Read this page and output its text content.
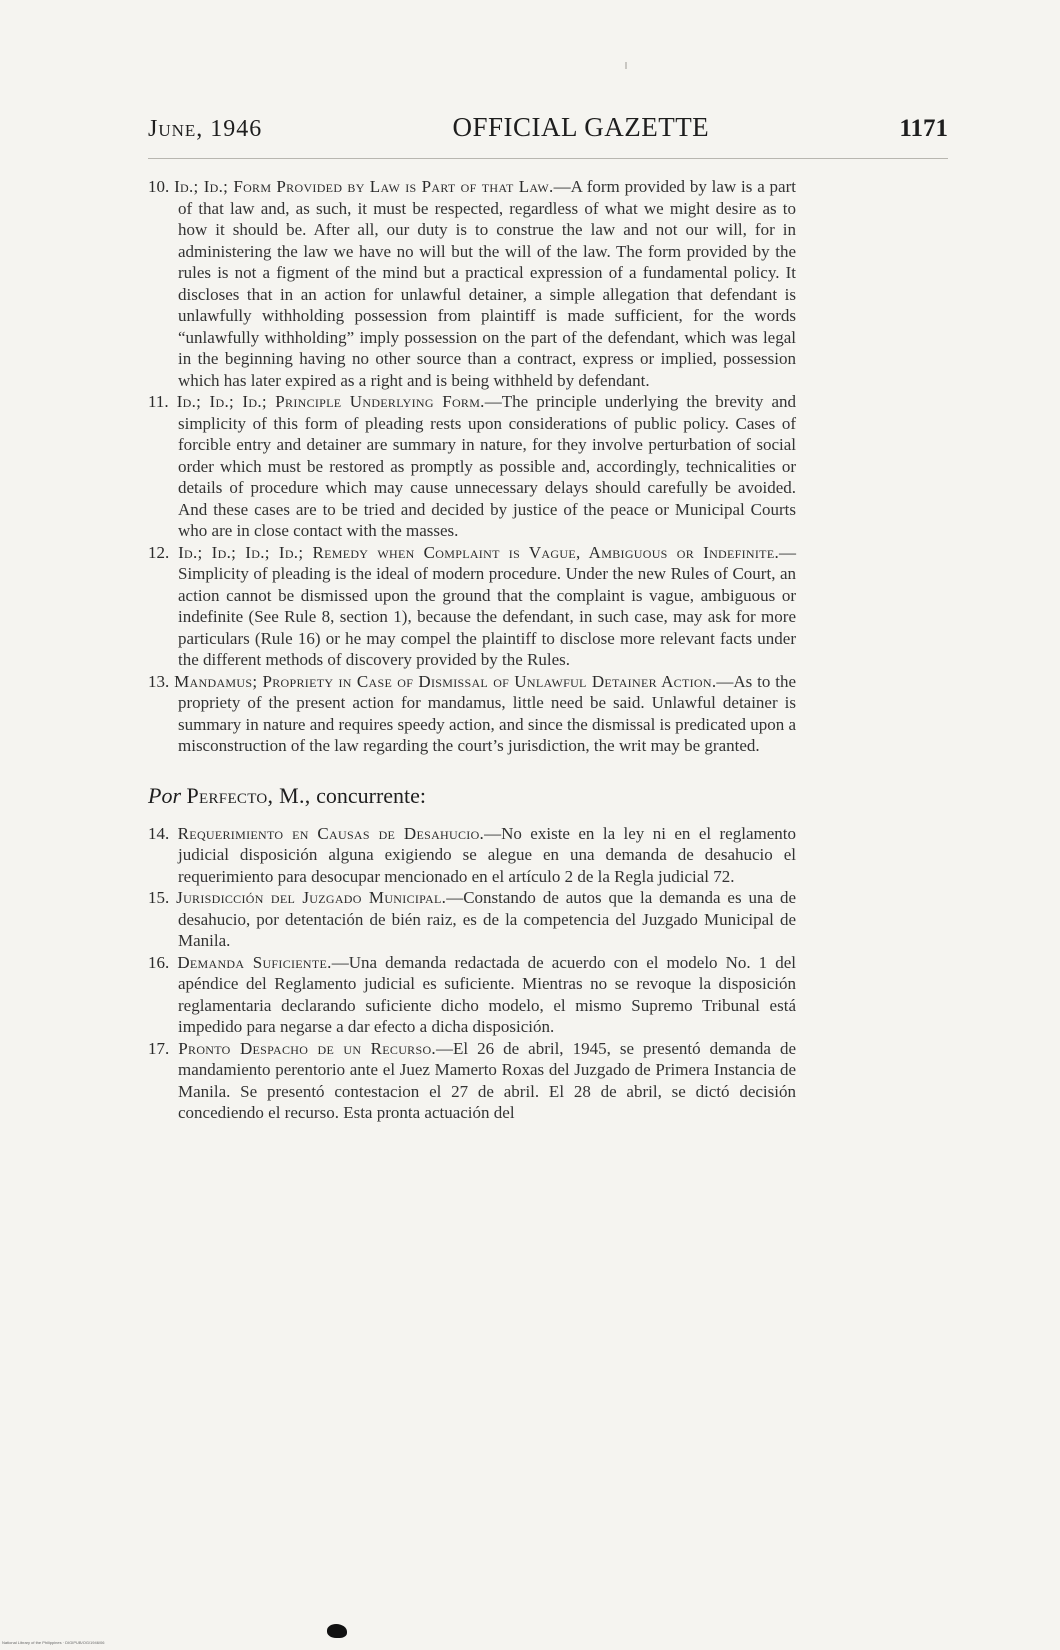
June, 1946	OFFICIAL GAZETTE	1171

10. Id.; Id.; Form Provided by Law is Part of that Law.—A form provided by law is a part of that law and, as such, it must be respected, regardless of what we might desire as to how it should be. After all, our duty is to construe the law and not our will, for in administering the law we have no will but the will of the law. The form provided by the rules is not a figment of the mind but a practical expression of a fundamental policy. It discloses that in an action for unlawful detainer, a simple allegation that defendant is unlawfully withholding possession from plaintiff is made sufficient, for the words “unlawfully withholding” imply possession on the part of the defendant, which was legal in the beginning having no other source than a contract, express or implied, possession which has later expired as a right and is being withheld by defendant.

11. Id.; Id.; Id.; Principle Underlying Form.—The principle underlying the brevity and simplicity of this form of pleading rests upon considerations of public policy. Cases of forcible entry and detainer are summary in nature, for they involve perturbation of social order which must be restored as promptly as possible and, accordingly, technicalities or details of procedure which may cause unnecessary delays should carefully be avoided. And these cases are to be tried and decided by justice of the peace or Municipal Courts who are in close contact with the masses.

12. Id.; Id.; Id.; Id.; Remedy when Complaint is Vague, Ambiguous or Indefinite.—Simplicity of pleading is the ideal of modern procedure. Under the new Rules of Court, an action cannot be dismissed upon the ground that the complaint is vague, ambiguous or indefinite (See Rule 8, section 1), because the defendant, in such case, may ask for more particulars (Rule 16) or he may compel the plaintiff to disclose more relevant facts under the different methods of discovery provided by the Rules.

13. Mandamus; Propriety in Case of Dismissal of Unlawful Detainer Action.—As to the propriety of the present action for mandamus, little need be said. Unlawful detainer is summary in nature and requires speedy action, and since the dismissal is predicated upon a misconstruction of the law regarding the court’s jurisdiction, the writ may be granted.

Por Perfecto, M., concurrente:

14. Requerimiento en Causas de Desahucio.—No existe en la ley ni en el reglamento judicial disposición alguna exigiendo se alegue en una demanda de desahucio el requerimiento para desocupar mencionado en el artículo 2 de la Regla judicial 72.

15. Jurisdicción del Juzgado Municipal.—Constando de autos que la demanda es una de desahucio, por detentación de bién raiz, es de la competencia del Juzgado Municipal de Manila.

16. Demanda Suficiente.—Una demanda redactada de acuerdo con el modelo No. 1 del apéndice del Reglamento judicial es suficiente. Mientras no se revoque la disposición reglamentaria declarando suficiente dicho modelo, el mismo Supremo Tribunal está impedido para negarse a dar efecto a dicha disposición.

17. Pronto Despacho de un Recurso.—El 26 de abril, 1945, se presentó demanda de mandamiento perentorio ante el Juez Mamerto Roxas del Juzgado de Primera Instancia de Manila. Se presentó contestacion el 27 de abril. El 28 de abril, se dictó decisión concediendo el recurso. Esta pronta actuación del

National Library of the Philippines · DIGIPUB/OG/1946/06
